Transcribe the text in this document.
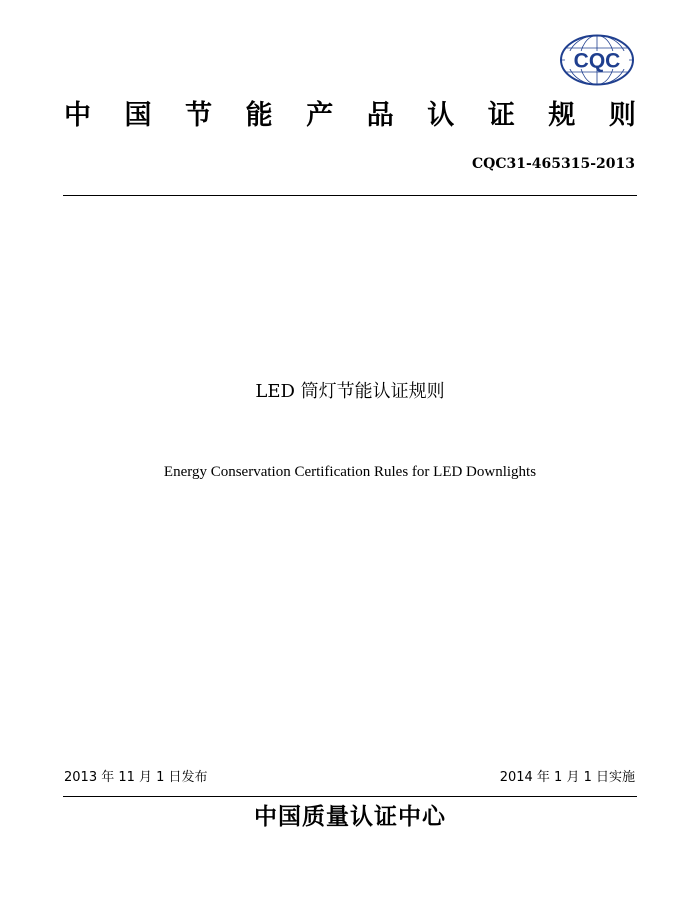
CQC
中 国 节 能 产 品 认 证 规 则
CQC31-465315-2013
LED 筒灯节能认证规则
Energy Conservation Certification Rules for LED Downlights
2013 年 11 月 1 日发布	2014 年 1 月 1 日实施
中国质量认证中心
